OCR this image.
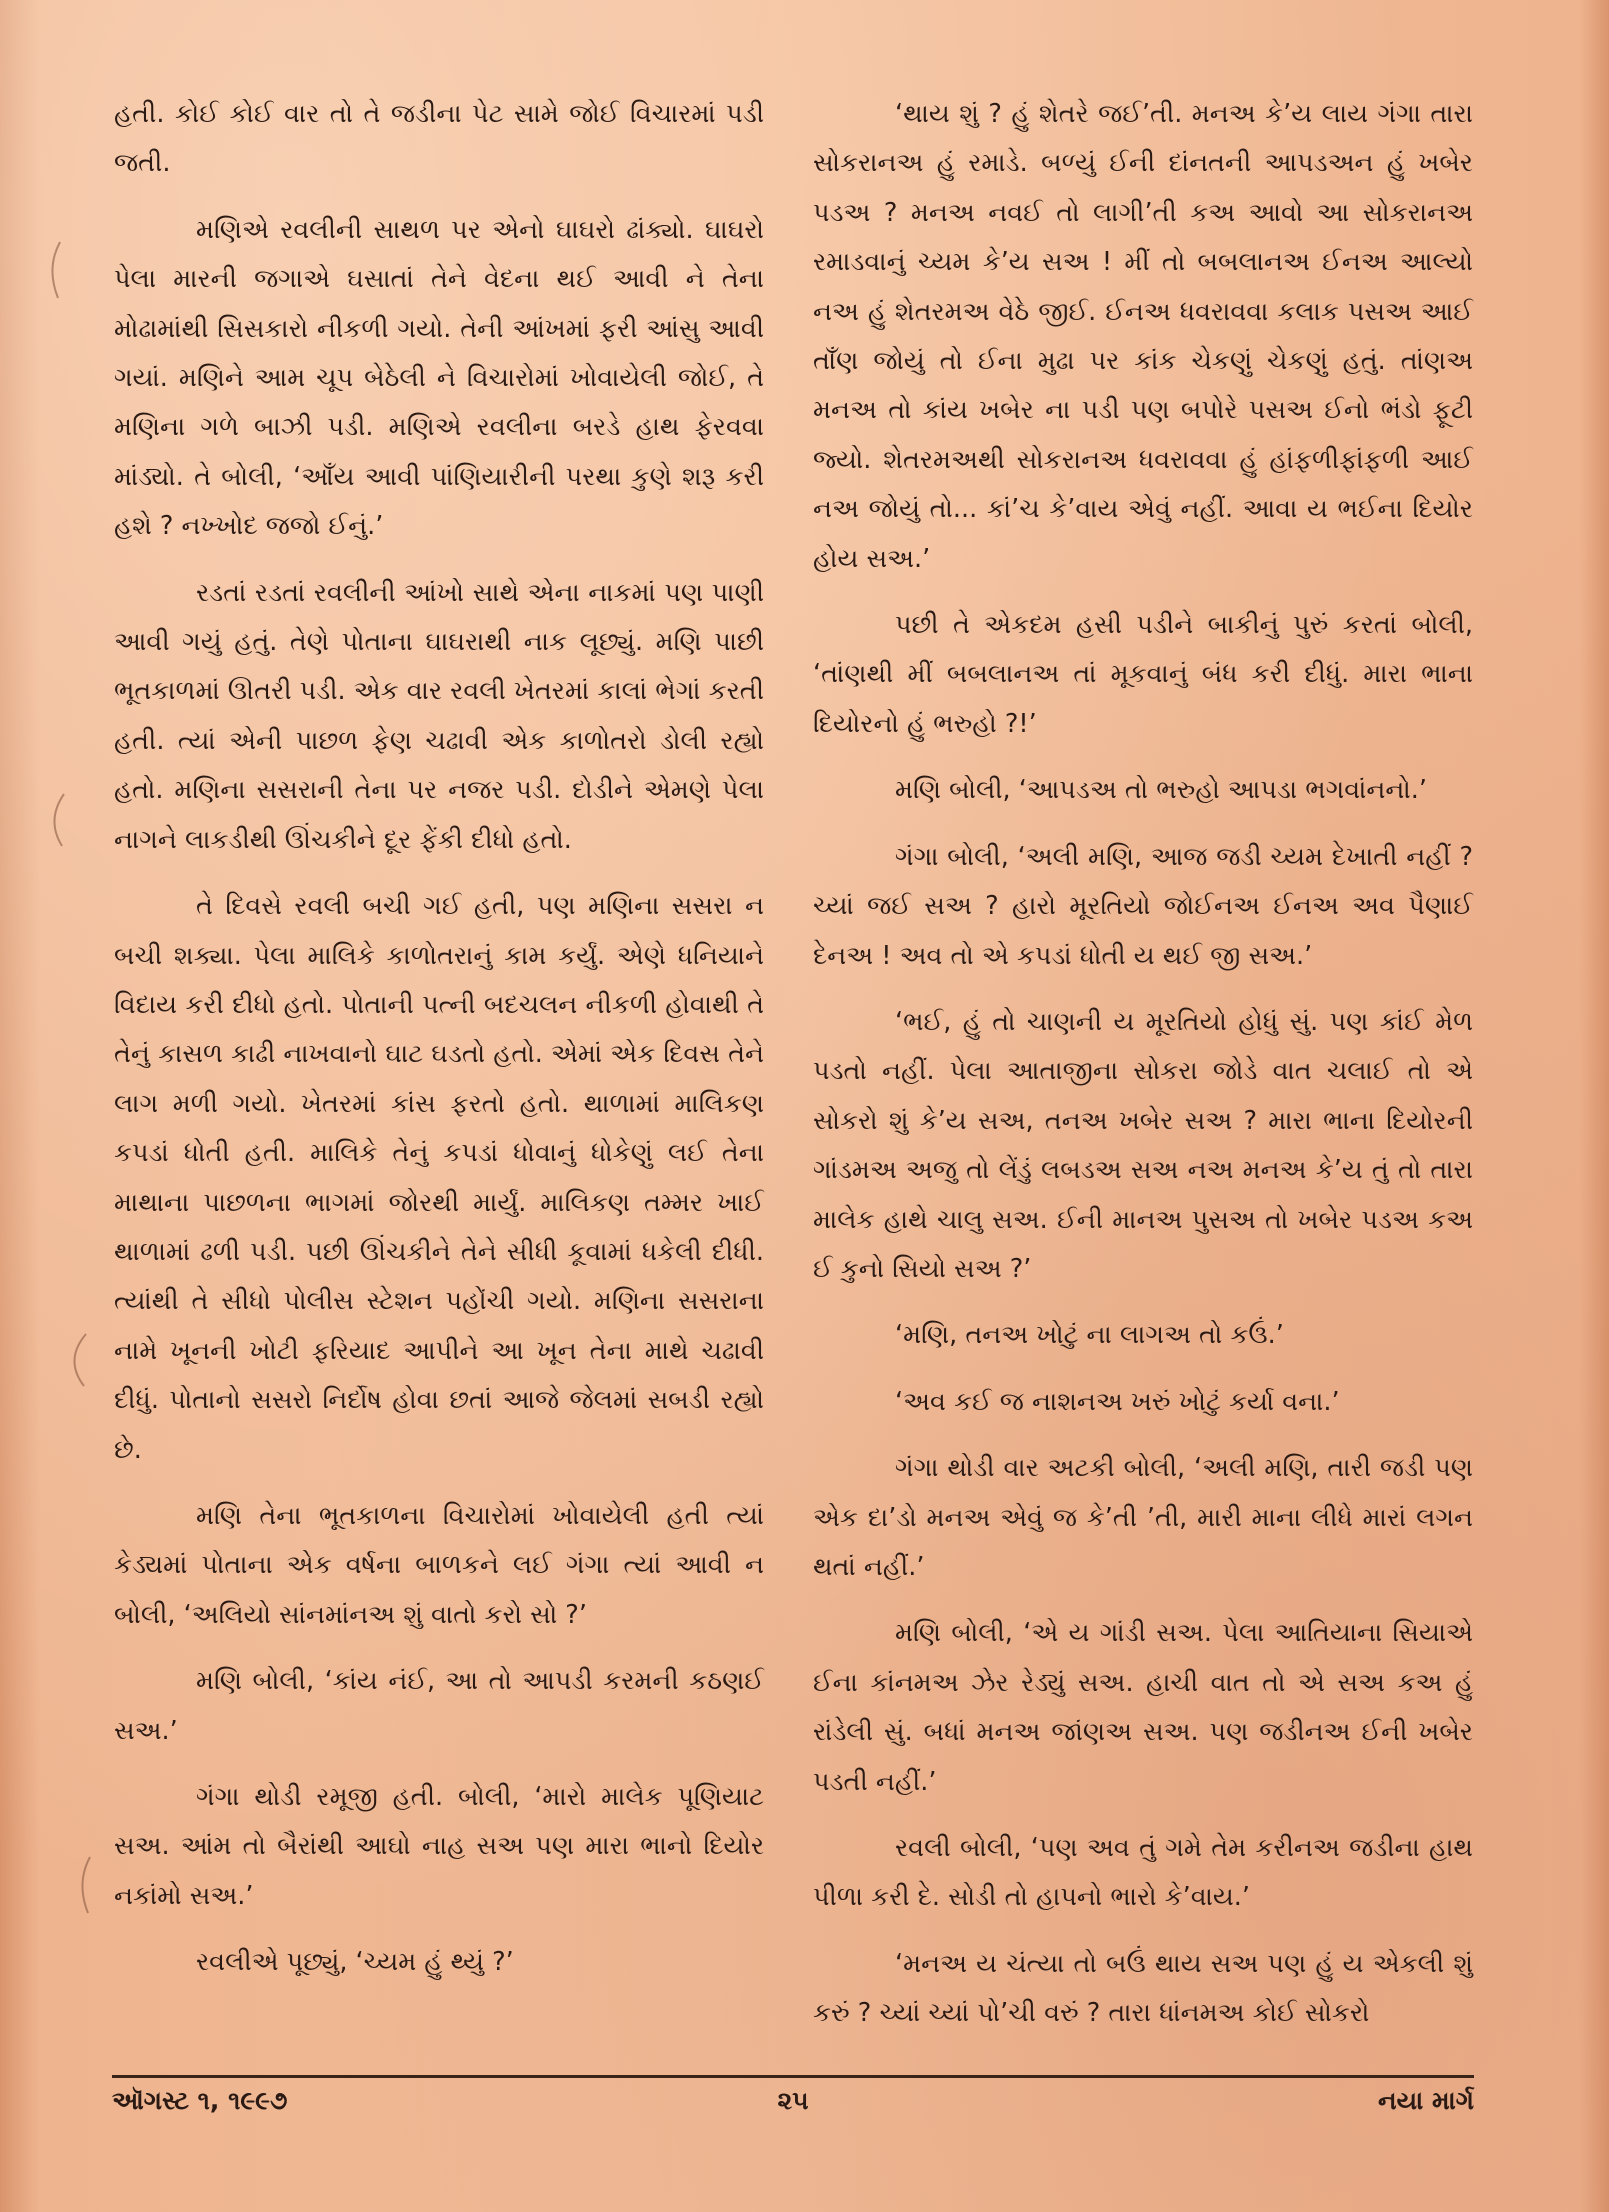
હતી. કોઈ કોઈ વાર તો તે જડીના પેટ સામે જોઈ વિચારમાં પડી જતી.

મણિએ રવલીની સાથળ પર એનો ઘાઘરો ઢાંક્યો. ઘાઘરો પેલા મારની જગાએ ઘસાતાં તેને વેદના થઈ આવી ને તેના મોઢામાંથી સિસકારો નીકળી ગયો. તેની આંખમાં ફરી આંસુ આવી ગયાં. મણિને આમ ચૂપ બેઠેલી ને વિચારોમાં ખોવાયેલી જોઈ, તે મણિના ગળે બાઝી પડી. મણિએ રવલીના બરડે હાથ ફેરવવા માંડ્યો. તે બોલી, ‘આઁય આવી પાંણિયારીની પરથા કુણે શરૂ કરી હશે ? નખ્ખોદ જજો ઈનું.’

રડતાં રડતાં રવલીની આંખો સાથે એના નાકમાં પણ પાણી આવી ગયું હતું. તેણે પોતાના ઘાઘરાથી નાક લૂછ્યું. મણિ પાછી ભૂતકાળમાં ઊતરી પડી. એક વાર રવલી ખેતરમાં કાલાં ભેગાં કરતી હતી. ત્યાં એની પાછળ ફેણ ચઢાવી એક કાળોતરો ડોલી રહ્યો હતો. મણિના સસરાની તેના પર નજર પડી. દોડીને એમણે પેલા નાગને લાકડીથી ઊંચકીને દૂર ફેંકી દીધો હતો.

તે દિવસે રવલી બચી ગઈ હતી, પણ મણિના સસરા ન બચી શક્યા. પેલા માલિકે કાળોતરાનું કામ કર્યું. એણે ધનિયાને વિદાય કરી દીધો હતો. પોતાની પત્ની બદચલન નીકળી હોવાથી તે તેનું કાસળ કાઢી નાખવાનો ઘાટ ઘડતો હતો. એમાં એક દિવસ તેને લાગ મળી ગયો. ખેતરમાં કાંસ ફરતો હતો. થાળામાં માલિકણ કપડાં ધોતી હતી. માલિકે તેનું કપડાં ધોવાનું ધોકેણું લઈ તેના માથાના પાછળના ભાગમાં જોરથી માર્યું. માલિકણ તમ્મર ખાઈ થાળામાં ઢળી પડી. પછી ઊંચકીને તેને સીધી કૂવામાં ધકેલી દીધી. ત્યાંથી તે સીધો પોલીસ સ્ટેશન પહોંચી ગયો. મણિના સસરાના નામે ખૂનની ખોટી ફરિયાદ આપીને આ ખૂન તેના માથે ચઢાવી દીધું. પોતાનો સસરો નિર્દોષ હોવા છતાં આજે જેલમાં સબડી રહ્યો છે.

મણિ તેના ભૂતકાળના વિચારોમાં ખોવાયેલી હતી ત્યાં કેડ્યમાં પોતાના એક વર્ષના બાળકને લઈ ગંગા ત્યાં આવી ન બોલી, ‘અલિયો સાંનમાંનઅ શું વાતો કરો સો ?’

મણિ બોલી, ‘કાંય નંઈ, આ તો આપડી કરમની કઠણઈ સઅ.’

ગંગા થોડી રમૂજી હતી. બોલી, ‘મારો માલેક પૂણિયાટ સઅ. આંમ તો બૈરાંથી આઘો નાહ સઅ પણ મારા ભાનો દિયોર નકાંમો સઅ.’

રવલીએ પૂછ્યું, ‘ચ્યમ હું થ્યું ?’

‘થાય શું ? હું શેતરે જઈ’તી. મનઅ કે’ય લાય ગંગા તારા સોકરાનઅ હું રમાડે. બળ્યું ઈની દાંનતની આપડઅન હું ખબેર પડઅ ? મનઅ નવઈ તો લાગી’તી કઅ આવો આ સોકરાનઅ રમાડવાનું ચ્યમ કે’ય સઅ ! મીં તો બબલાનઅ ઈનઅ આલ્યો નઅ હું શેતરમઅ વેઠે જીઈ. ઈનઅ ધવરાવવા કલાક પસઅ આઈ તાઁણ જોયું તો ઈના મુઢા પર કાંક ચેકણું ચેકણું હતું. તાંણઅ મનઅ તો કાંય ખબેર ના પડી પણ બપોરે પસઅ ઈનો ભંડો ફૂટી જ્યો. શેતરમઅથી સોકરાનઅ ધવરાવવા હું હાંફળીફાંફળી આઈ નઅ જોયું તો... કાં’ચ કે’વાય એવું નહીં. આવા ય ભઈના દિયોર હોય સઅ.’

પછી તે એકદમ હસી પડીને બાકીનું પુરું કરતાં બોલી, ‘તાંણથી મીં બબલાનઅ તાં મૂકવાનું બંધ કરી દીધું. મારા ભાના દિયોરનો હું ભરુહો ?!’

મણિ બોલી, ‘આપડઅ તો ભરુહો આપડા ભગવાંનનો.’

ગંગા બોલી, ‘અલી મણિ, આજ જડી ચ્યમ દેખાતી નહીં ? ચ્યાં જઈ સઅ ? હારો મૂરતિયો જોઈનઅ ઈનઅ અવ પૈણાઈ દેનઅ ! અવ તો એ કપડાં ધોતી ય થઈ જી સઅ.’

‘ભઈ, હું તો ચાણની ય મૂરતિયો હોધું સું. પણ કાંઈ મેળ પડતો નહીં. પેલા આતાજીના સોકરા જોડે વાત ચલાઈ તો એ સોકરો શું કે’ય સઅ, તનઅ ખબેર સઅ ? મારા ભાના દિયોરની ગાંડમઅ અજુ તો લેંડું લબડઅ સઅ નઅ મનઅ કે’ય તું તો તારા માલેક હાથે ચાલુ સઅ. ઈની માનઅ પુસઅ તો ખબેર પડઅ કઅ ઈ કુનો સિયો સઅ ?’

‘મણિ, તનઅ ખોટું ના લાગઅ તો કઉં.’

‘અવ કઈ જ નાશનઅ ખરું ખોટું કર્યા વના.’

ગંગા થોડી વાર અટકી બોલી, ‘અલી મણિ, તારી જડી પણ એક દા’ડો મનઅ એવું જ કે’તી ’તી, મારી માના લીધે મારાં લગન થતાં નહીં.’

મણિ બોલી, ‘એ ય ગાંડી સઅ. પેલા આતિયાના સિયાએ ઈના કાંનમઅ ઝેર રેડ્યું સઅ. હાચી વાત તો એ સઅ કઅ હું રાંડેલી સું. બધાં મનઅ જાંણઅ સઅ. પણ જડીનઅ ઈની ખબેર પડતી નહીં.’

રવલી બોલી, ‘પણ અવ તું ગમે તેમ કરીનઅ જડીના હાથ પીળા કરી દે. સોડી તો હાપનો ભારો કે’વાય.’

‘મનઅ ય ચંત્યા તો બઉં થાય સઅ પણ હું ય એકલી શું કરું ? ચ્યાં ચ્યાં પો’ચી વરું ? તારા ધાંનમઅ કોઈ સોકરો

ઑગસ્ટ ૧, ૧૯૯૭	૨૫	નયા માર્ગ
